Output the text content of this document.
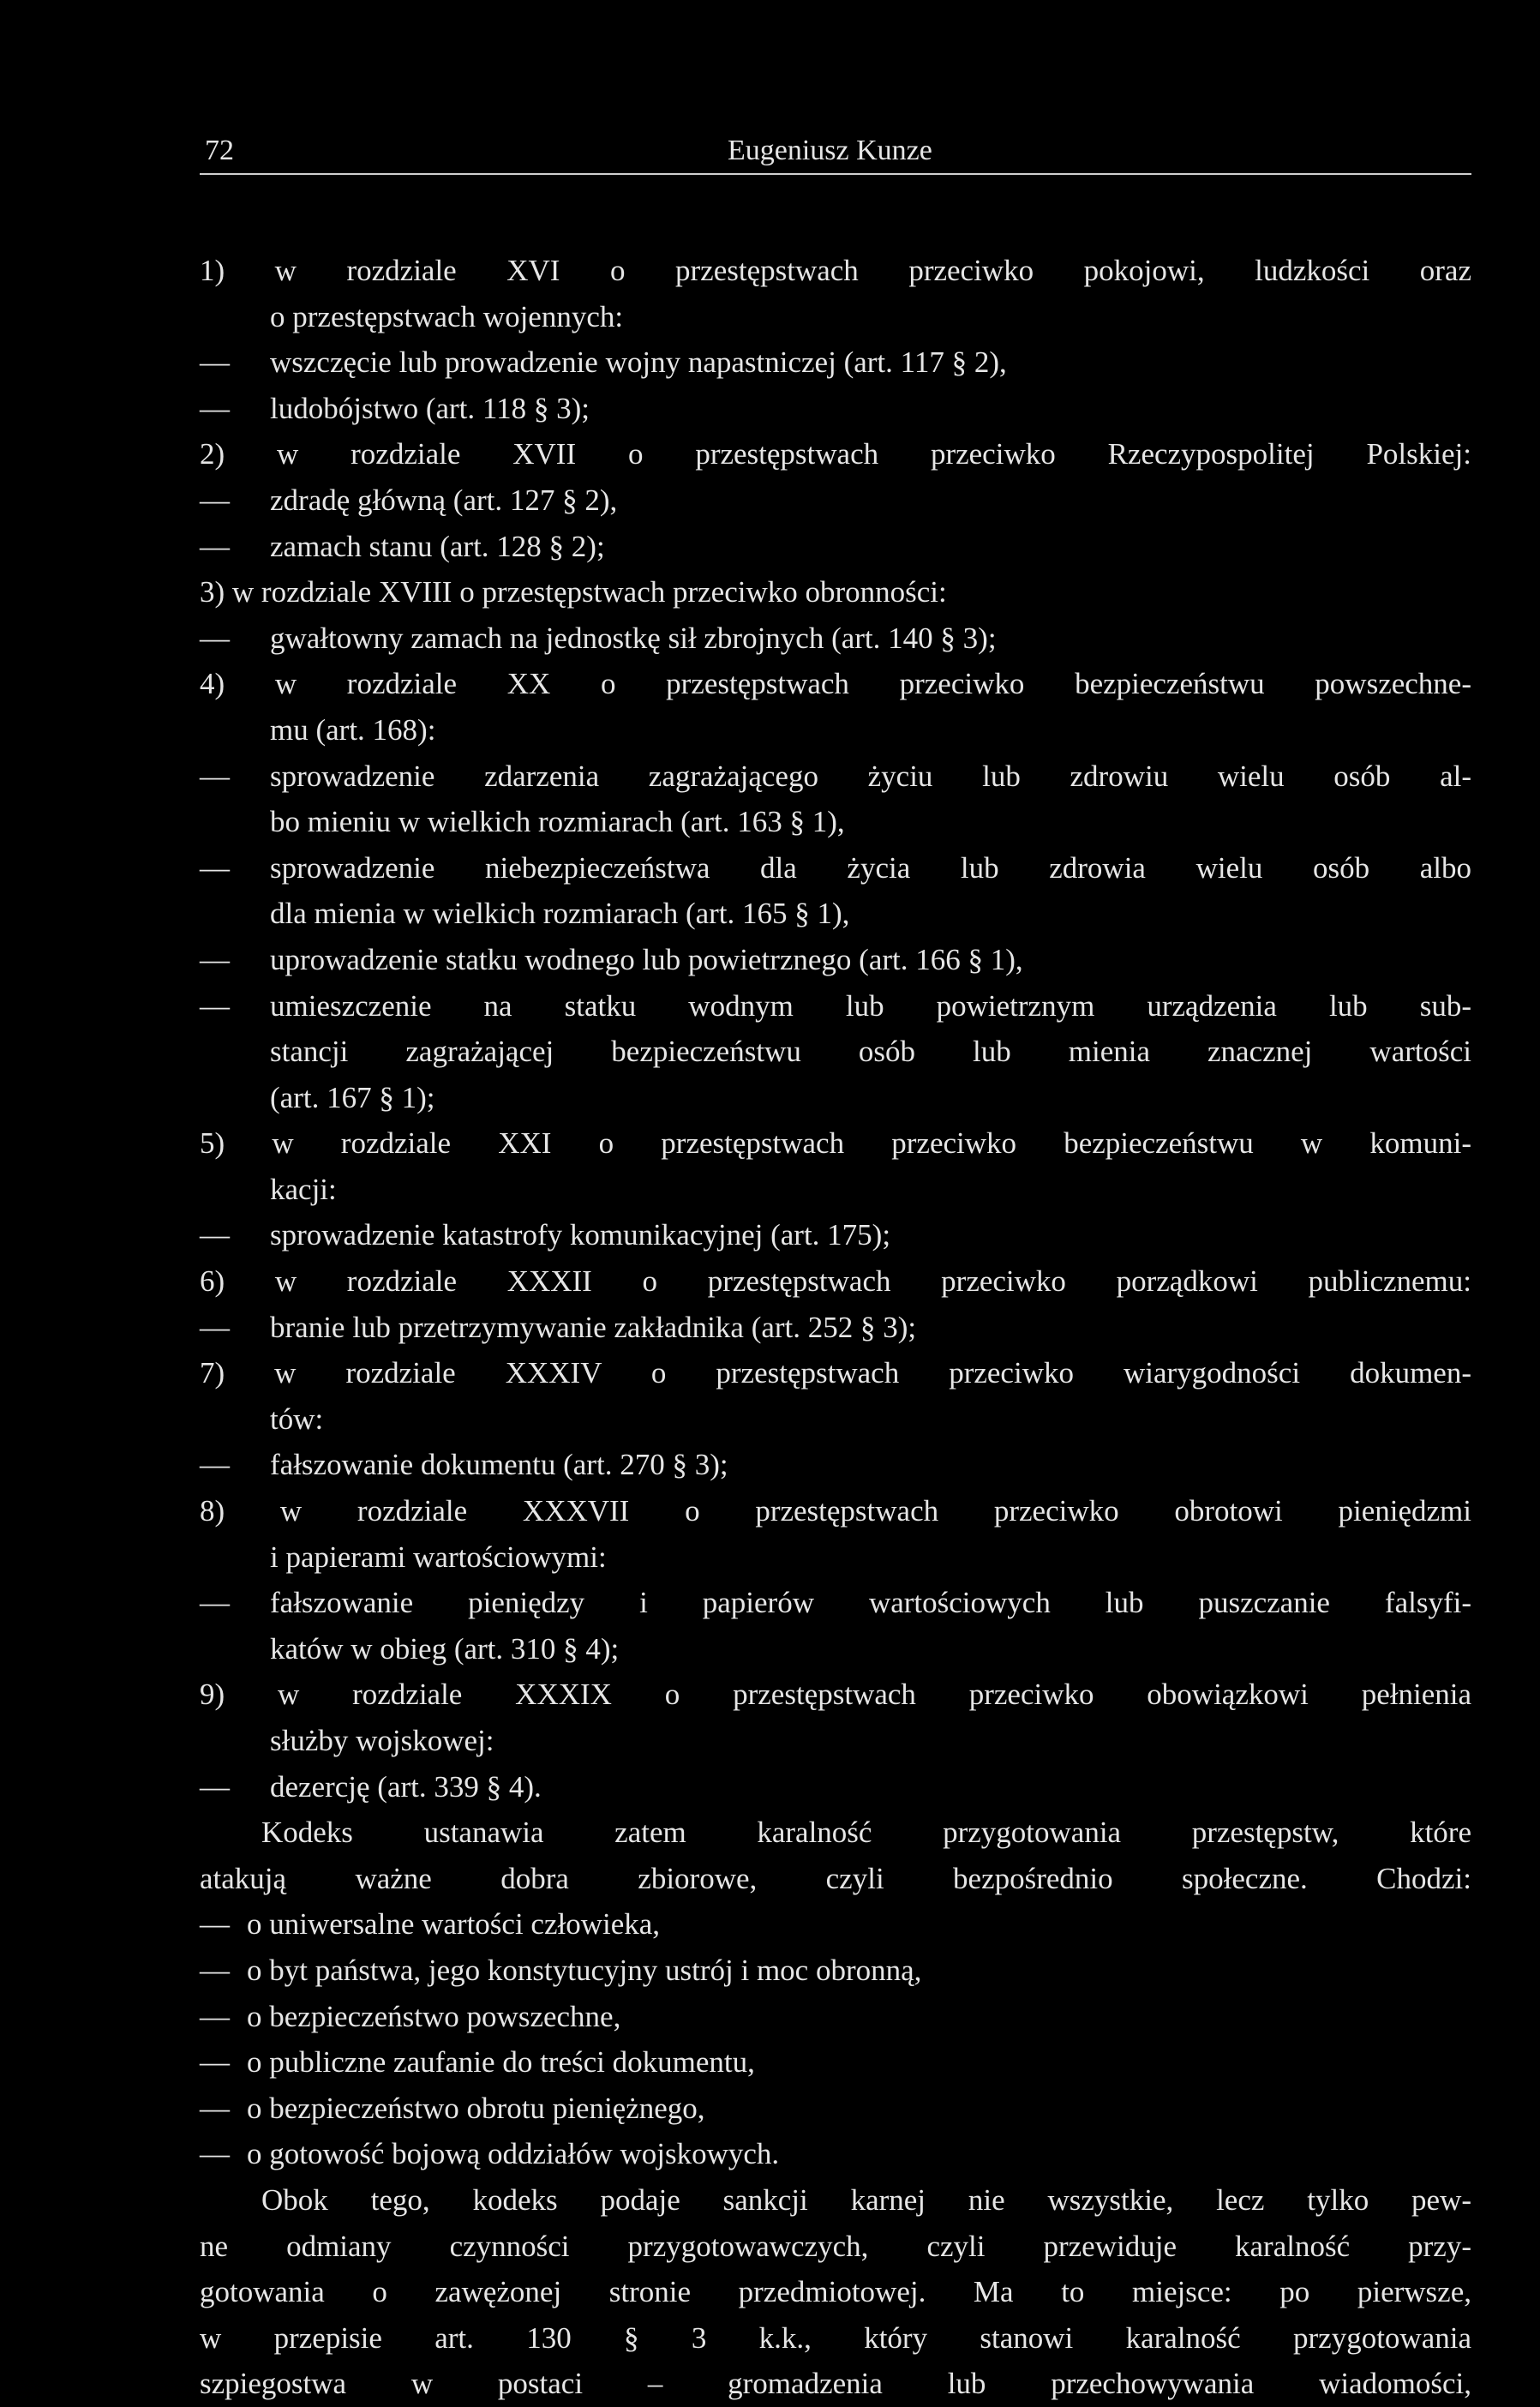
72	Eugeniusz Kunze
1) w rozdziale XVI o przestępstwach przeciwko pokojowi, ludzkości oraz
o przestępstwach wojennych:
—	wszczęcie lub prowadzenie wojny napastniczej (art. 117 § 2),
—	ludobójstwo (art. 118 § 3);
2) w rozdziale XVII o przestępstwach przeciwko Rzeczypospolitej Polskiej:
—	zdradę główną (art. 127 § 2),
—	zamach stanu (art. 128 § 2);
3) w rozdziale XVIII o przestępstwach przeciwko obronności:
—	gwałtowny zamach na jednostkę sił zbrojnych (art. 140 § 3);
4) w rozdziale XX o przestępstwach przeciwko bezpieczeństwu powszechne-
mu (art. 168):
—	sprowadzenie zdarzenia zagrażającego życiu lub zdrowiu wielu osób al-
bo mieniu w wielkich rozmiarach (art. 163 § 1),
—	sprowadzenie niebezpieczeństwa dla życia lub zdrowia wielu osób albo
dla mienia w wielkich rozmiarach (art. 165 § 1),
—	uprowadzenie statku wodnego lub powietrznego (art. 166 § 1),
—	umieszczenie na statku wodnym lub powietrznym urządzenia lub sub-
stancji zagrażającej bezpieczeństwu osób lub mienia znacznej wartości
(art. 167 § 1);
5) w rozdziale XXI o przestępstwach przeciwko bezpieczeństwu w komuni-
kacji:
—	sprowadzenie katastrofy komunikacyjnej (art. 175);
6) w rozdziale XXXII o przestępstwach przeciwko porządkowi publicznemu:
—	branie lub przetrzymywanie zakładnika (art. 252 § 3);
7) w rozdziale XXXIV o przestępstwach przeciwko wiarygodności dokumen-
tów:
—	fałszowanie dokumentu (art. 270 § 3);
8) w rozdziale XXXVII o przestępstwach przeciwko obrotowi pieniędzmi
i papierami wartościowymi:
—	fałszowanie pieniędzy i papierów wartościowych lub puszczanie falsyfi-
katów w obieg (art. 310 § 4);
9) w rozdziale XXXIX o przestępstwach przeciwko obowiązkowi pełnienia
służby wojskowej:
—	dezercję (art. 339 § 4).
Kodeks ustanawia zatem karalność przygotowania przestępstw, które
atakują ważne dobra zbiorowe, czyli bezpośrednio społeczne. Chodzi:
— o uniwersalne wartości człowieka,
— o byt państwa, jego konstytucyjny ustrój i moc obronną,
— o bezpieczeństwo powszechne,
— o publiczne zaufanie do treści dokumentu,
— o bezpieczeństwo obrotu pieniężnego,
— o gotowość bojową oddziałów wojskowych.
Obok tego, kodeks podaje sankcji karnej nie wszystkie, lecz tylko pew-
ne odmiany czynności przygotowawczych, czyli przewiduje karalność przy-
gotowania o zawężonej stronie przedmiotowej. Ma to miejsce: po pierwsze,
w przepisie art. 130 § 3 k.k., który stanowi karalność przygotowania
szpiegostwa w postaci – gromadzenia lub przechowywania wiadomości,
